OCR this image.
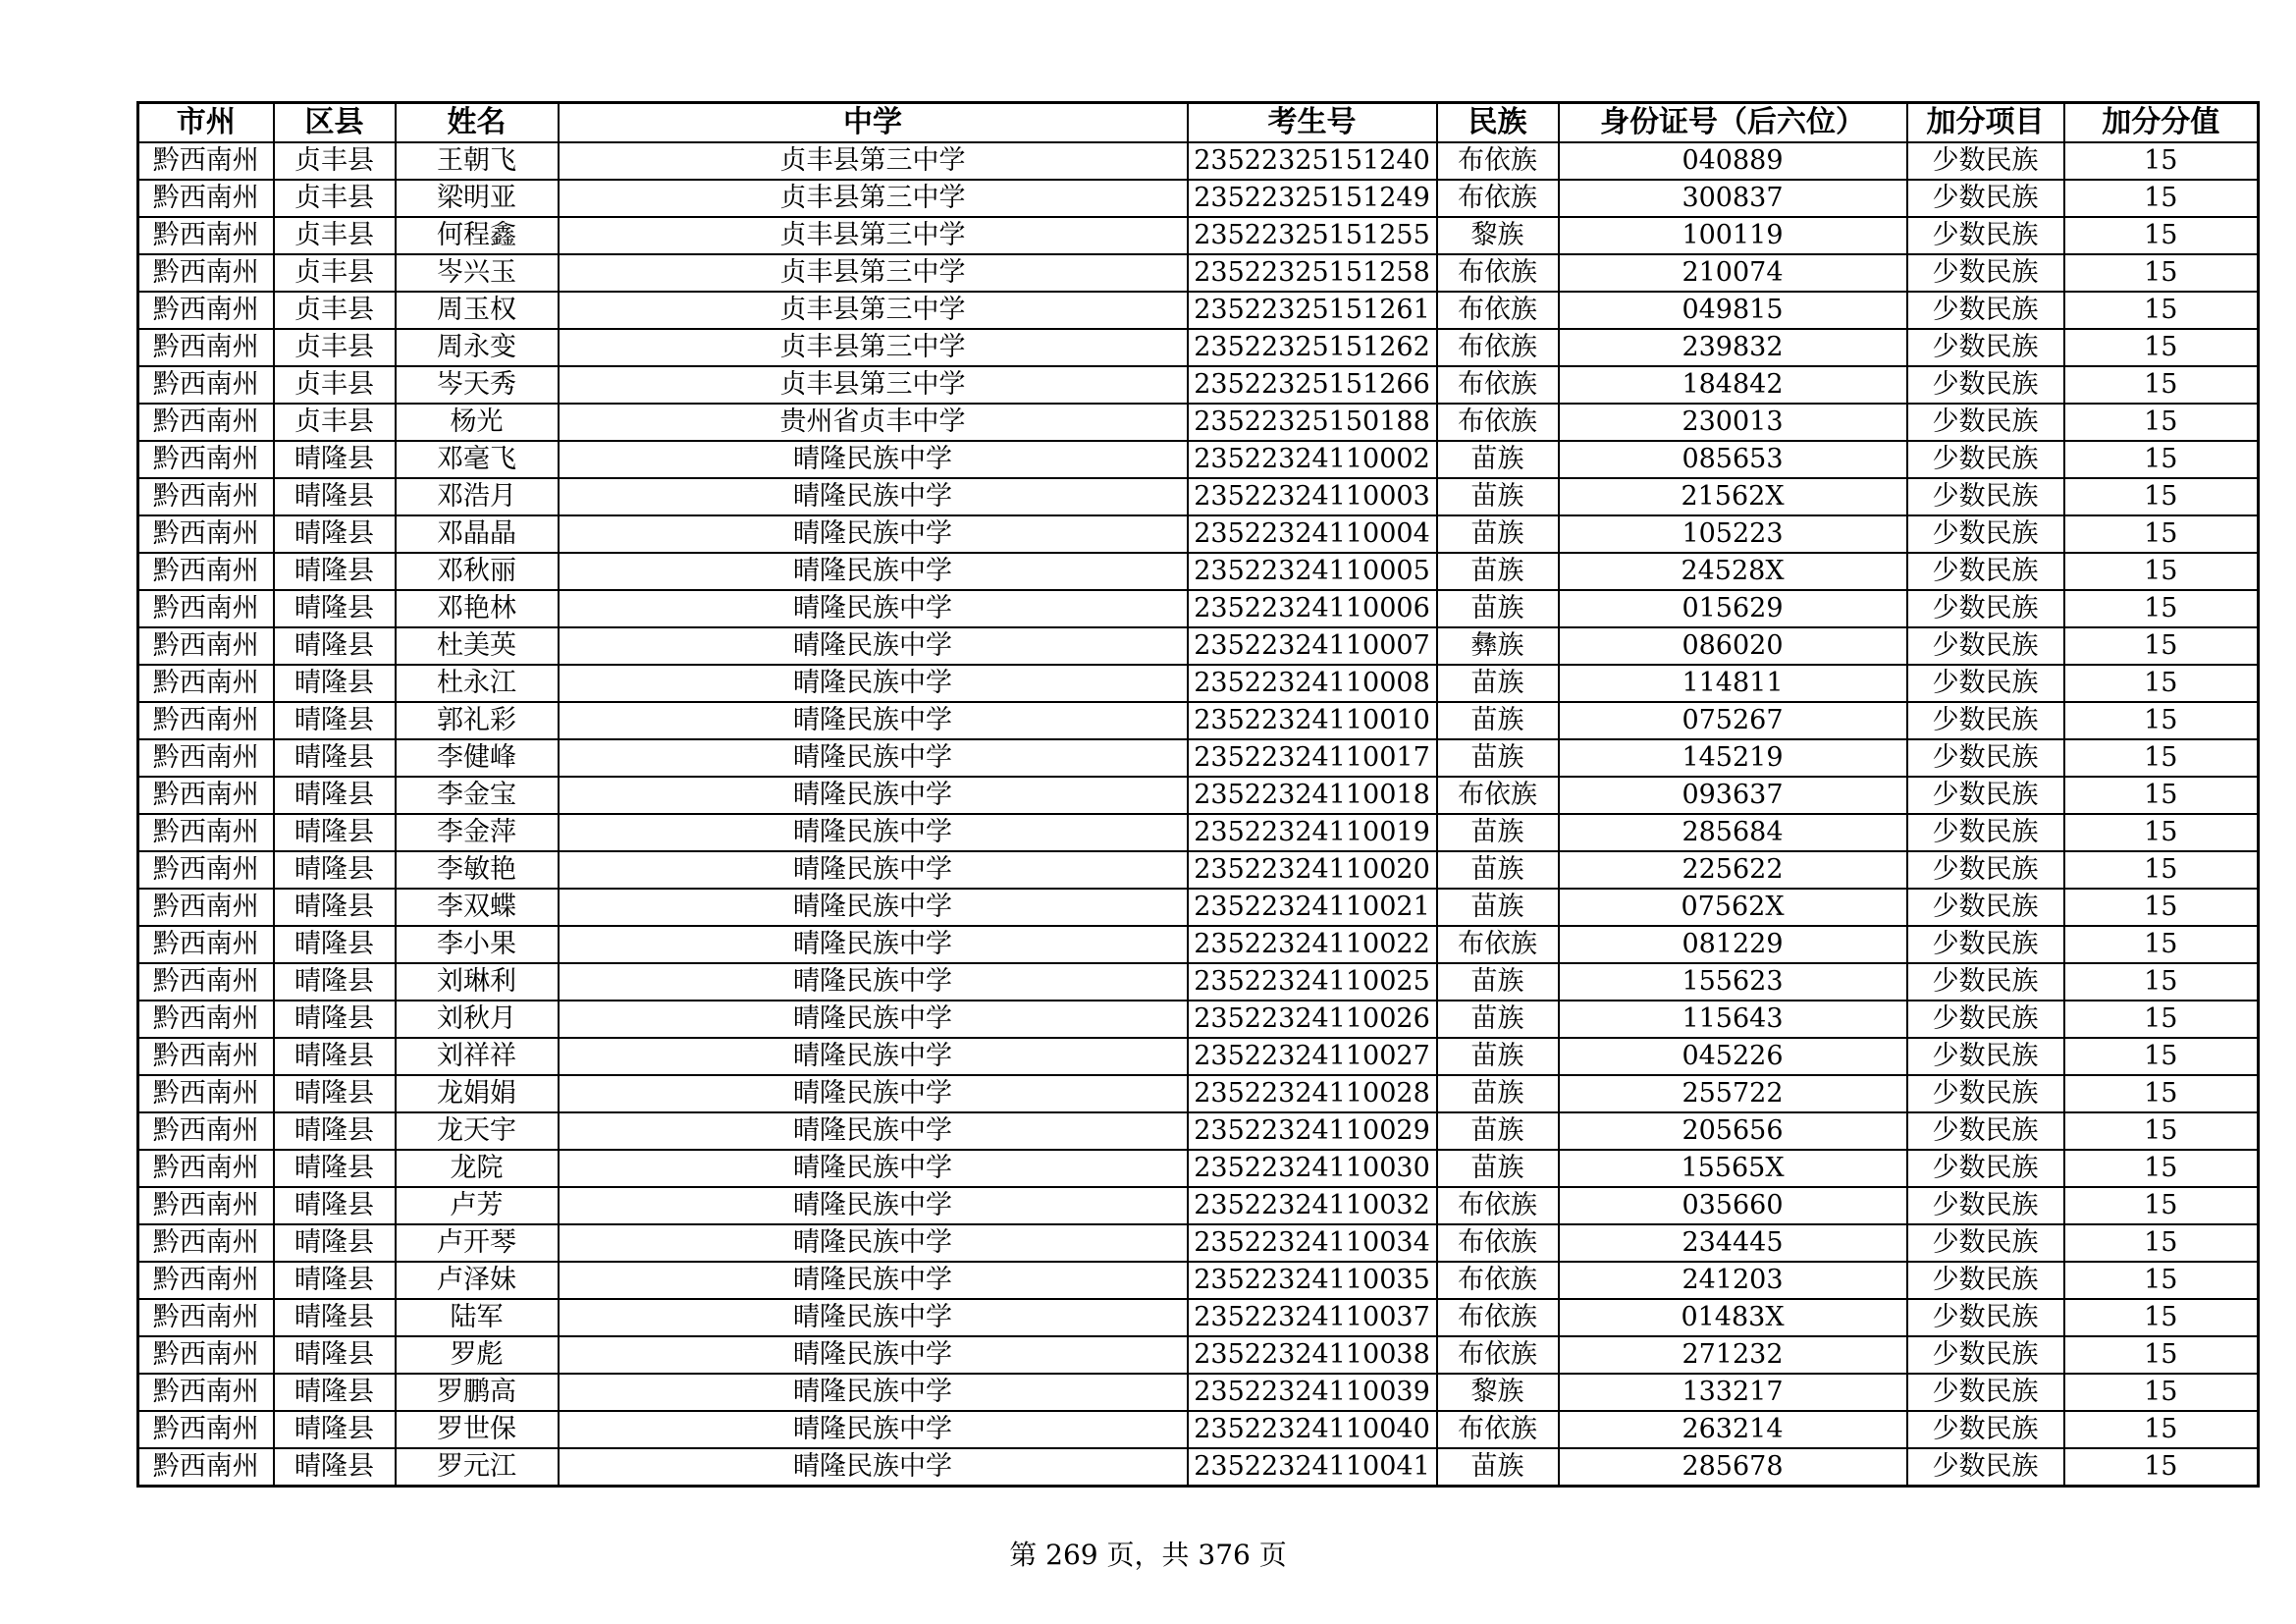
市州	区县	姓名	中学	考生号	民族	身份证号（后六位）	加分项目	加分分值
黔西南州	贞丰县	王朝飞	贞丰县第三中学	23522325151240	布依族	040889	少数民族	15
黔西南州	贞丰县	梁明亚	贞丰县第三中学	23522325151249	布依族	300837	少数民族	15
黔西南州	贞丰县	何程鑫	贞丰县第三中学	23522325151255	黎族	100119	少数民族	15
黔西南州	贞丰县	岑兴玉	贞丰县第三中学	23522325151258	布依族	210074	少数民族	15
黔西南州	贞丰县	周玉权	贞丰县第三中学	23522325151261	布依族	049815	少数民族	15
黔西南州	贞丰县	周永变	贞丰县第三中学	23522325151262	布依族	239832	少数民族	15
黔西南州	贞丰县	岑天秀	贞丰县第三中学	23522325151266	布依族	184842	少数民族	15
黔西南州	贞丰县	杨光	贵州省贞丰中学	23522325150188	布依族	230013	少数民族	15
黔西南州	晴隆县	邓毫飞	晴隆民族中学	23522324110002	苗族	085653	少数民族	15
黔西南州	晴隆县	邓浩月	晴隆民族中学	23522324110003	苗族	21562X	少数民族	15
黔西南州	晴隆县	邓晶晶	晴隆民族中学	23522324110004	苗族	105223	少数民族	15
黔西南州	晴隆县	邓秋丽	晴隆民族中学	23522324110005	苗族	24528X	少数民族	15
黔西南州	晴隆县	邓艳林	晴隆民族中学	23522324110006	苗族	015629	少数民族	15
黔西南州	晴隆县	杜美英	晴隆民族中学	23522324110007	彝族	086020	少数民族	15
黔西南州	晴隆县	杜永江	晴隆民族中学	23522324110008	苗族	114811	少数民族	15
黔西南州	晴隆县	郭礼彩	晴隆民族中学	23522324110010	苗族	075267	少数民族	15
黔西南州	晴隆县	李健峰	晴隆民族中学	23522324110017	苗族	145219	少数民族	15
黔西南州	晴隆县	李金宝	晴隆民族中学	23522324110018	布依族	093637	少数民族	15
黔西南州	晴隆县	李金萍	晴隆民族中学	23522324110019	苗族	285684	少数民族	15
黔西南州	晴隆县	李敏艳	晴隆民族中学	23522324110020	苗族	225622	少数民族	15
黔西南州	晴隆县	李双蝶	晴隆民族中学	23522324110021	苗族	07562X	少数民族	15
黔西南州	晴隆县	李小果	晴隆民族中学	23522324110022	布依族	081229	少数民族	15
黔西南州	晴隆县	刘琳利	晴隆民族中学	23522324110025	苗族	155623	少数民族	15
黔西南州	晴隆县	刘秋月	晴隆民族中学	23522324110026	苗族	115643	少数民族	15
黔西南州	晴隆县	刘祥祥	晴隆民族中学	23522324110027	苗族	045226	少数民族	15
黔西南州	晴隆县	龙娟娟	晴隆民族中学	23522324110028	苗族	255722	少数民族	15
黔西南州	晴隆县	龙天宇	晴隆民族中学	23522324110029	苗族	205656	少数民族	15
黔西南州	晴隆县	龙院	晴隆民族中学	23522324110030	苗族	15565X	少数民族	15
黔西南州	晴隆县	卢芳	晴隆民族中学	23522324110032	布依族	035660	少数民族	15
黔西南州	晴隆县	卢开琴	晴隆民族中学	23522324110034	布依族	234445	少数民族	15
黔西南州	晴隆县	卢泽妹	晴隆民族中学	23522324110035	布依族	241203	少数民族	15
黔西南州	晴隆县	陆军	晴隆民族中学	23522324110037	布依族	01483X	少数民族	15
黔西南州	晴隆县	罗彪	晴隆民族中学	23522324110038	布依族	271232	少数民族	15
黔西南州	晴隆县	罗鹏高	晴隆民族中学	23522324110039	黎族	133217	少数民族	15
黔西南州	晴隆县	罗世保	晴隆民族中学	23522324110040	布依族	263214	少数民族	15
黔西南州	晴隆县	罗元江	晴隆民族中学	23522324110041	苗族	285678	少数民族	15
第 269 页，共 376 页
